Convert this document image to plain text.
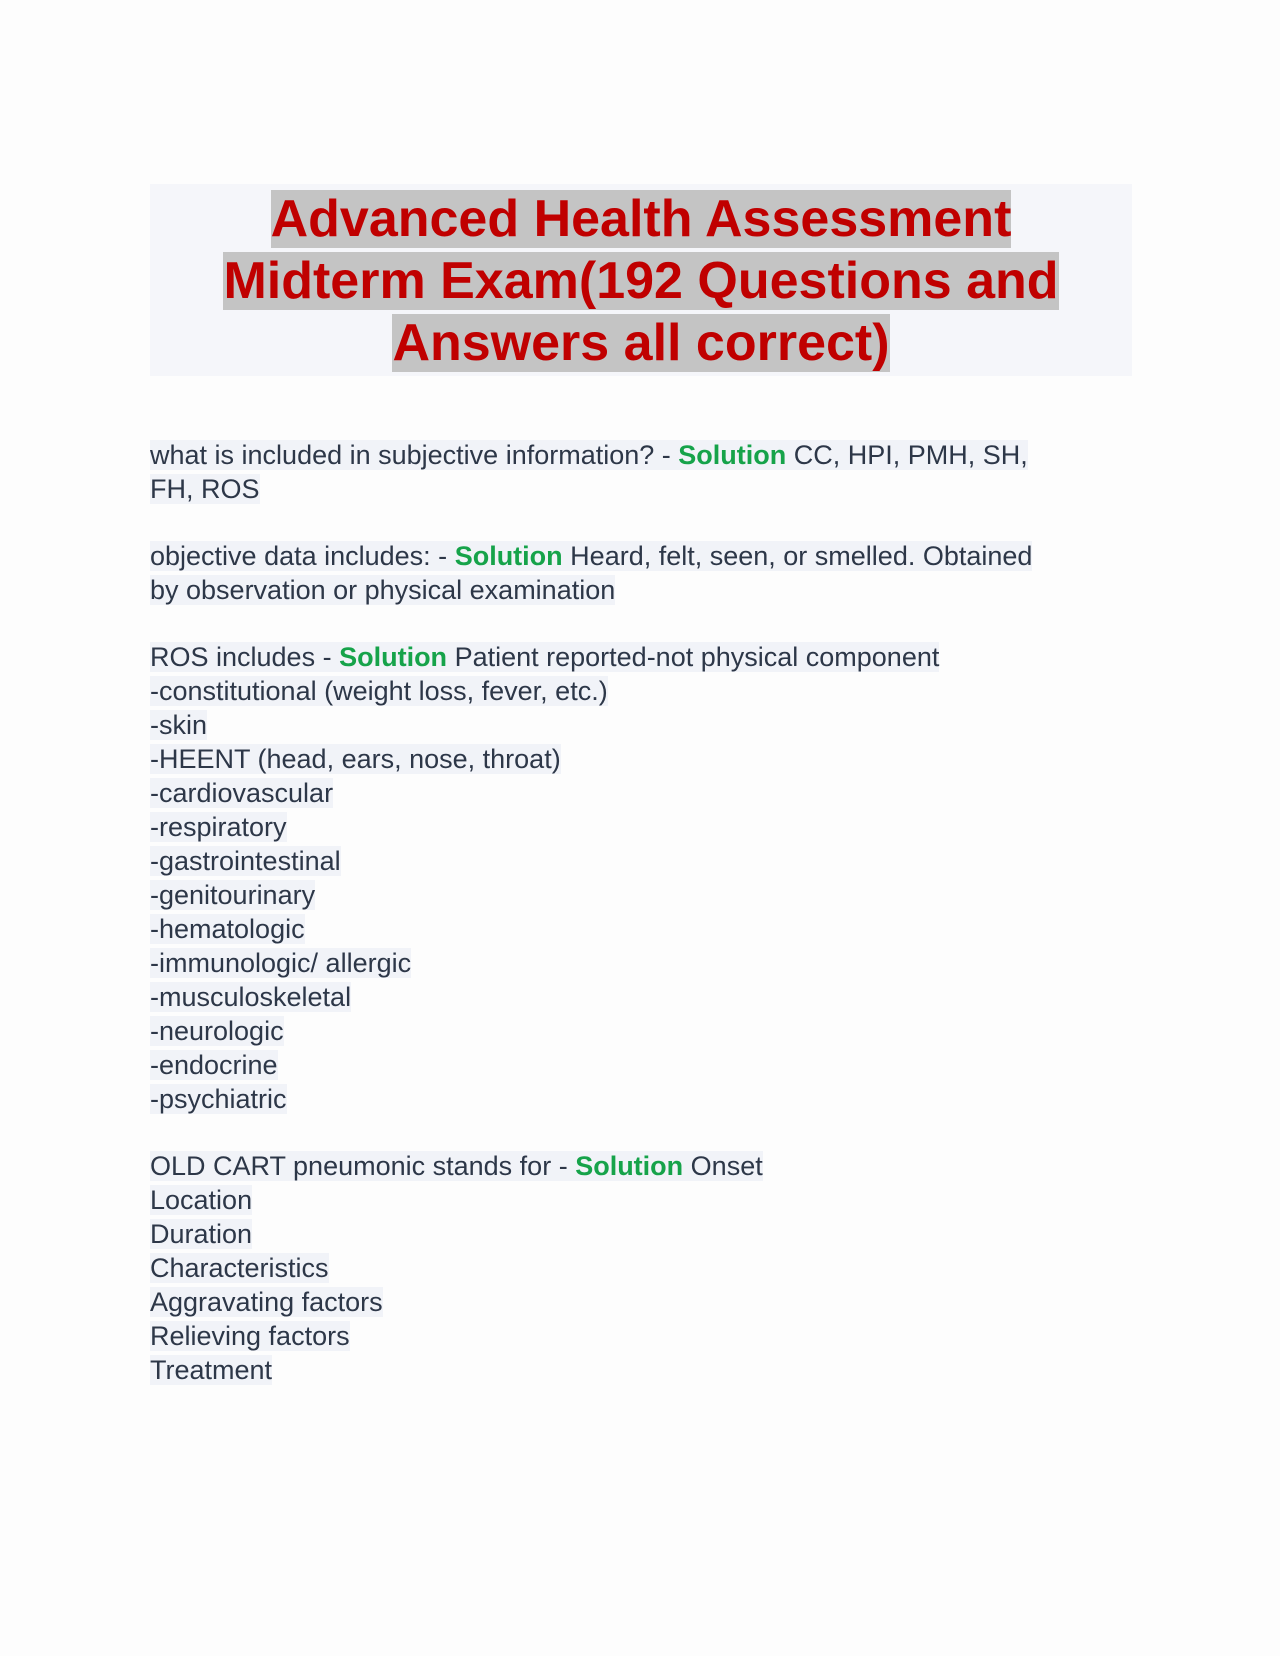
Advanced Health Assessment
Midterm Exam(192 Questions and
Answers all correct)
what is included in subjective information? - Solution CC, HPI, PMH, SH,
FH, ROS
objective data includes: - Solution Heard, felt, seen, or smelled. Obtained
by observation or physical examination
ROS includes - Solution Patient reported-not physical component
-constitutional (weight loss, fever, etc.)
-skin
-HEENT (head, ears, nose, throat)
-cardiovascular
-respiratory
-gastrointestinal
-genitourinary
-hematologic
-immunologic/ allergic
-musculoskeletal
-neurologic
-endocrine
-psychiatric
OLD CART pneumonic stands for - Solution Onset
Location
Duration
Characteristics
Aggravating factors
Relieving factors
Treatment
